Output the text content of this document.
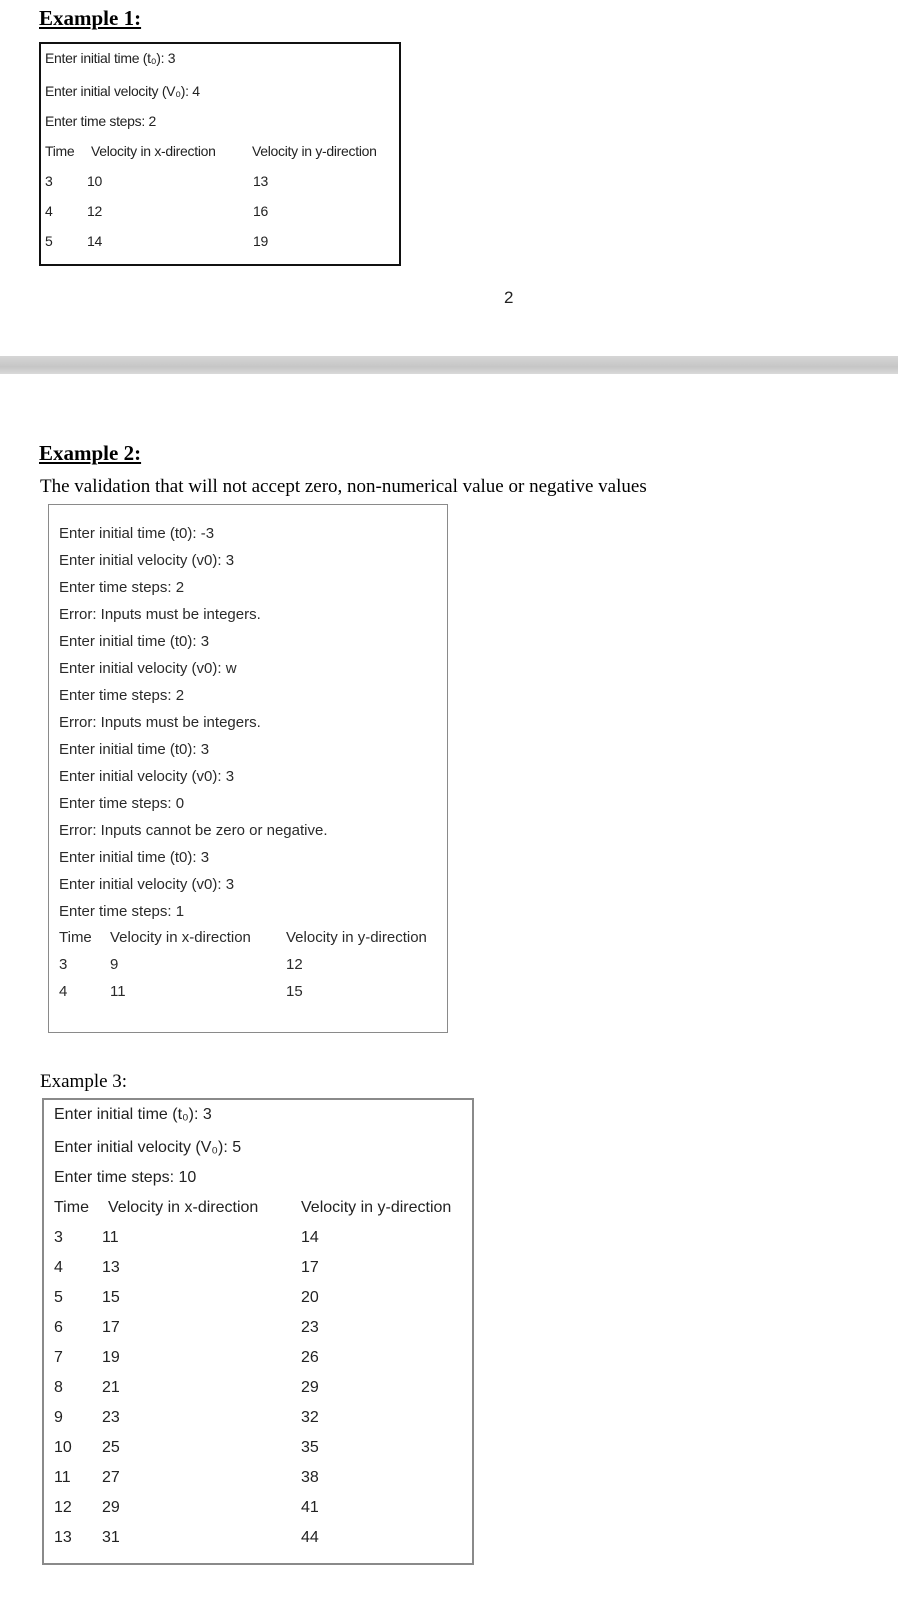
Example 1:
Enter initial time (t₀): 3
Enter initial velocity (V₀): 4
Enter time steps: 2
Time Velocity in x-direction	Velocity in y-direction
3 10	13
4 12	16
5 14	19
2
Example 2:
The validation that will not accept zero, non-numerical value or negative values
Enter initial time (t0): -3
Enter initial velocity (v0): 3
Enter time steps: 2
Error: Inputs must be integers.
Enter initial time (t0): 3
Enter initial velocity (v0): w
Enter time steps: 2
Error: Inputs must be integers.
Enter initial time (t0): 3
Enter initial velocity (v0): 3
Enter time steps: 0
Error: Inputs cannot be zero or negative.
Enter initial time (t0): 3
Enter initial velocity (v0): 3
Enter time steps: 1
Time Velocity in x-direction Velocity in y-direction
3	9	12
4	11	15
Example 3:
Enter initial time (t₀): 3
Enter initial velocity (V₀): 5
Enter time steps: 10
Time Velocity in x-direction	Velocity in y-direction
3 11	14
4 13	17
5 15	20
6 17	23
7 19	26
8 21	29
9 23	32
10 25	35
11 27	38
12 29	41
13 31	44
